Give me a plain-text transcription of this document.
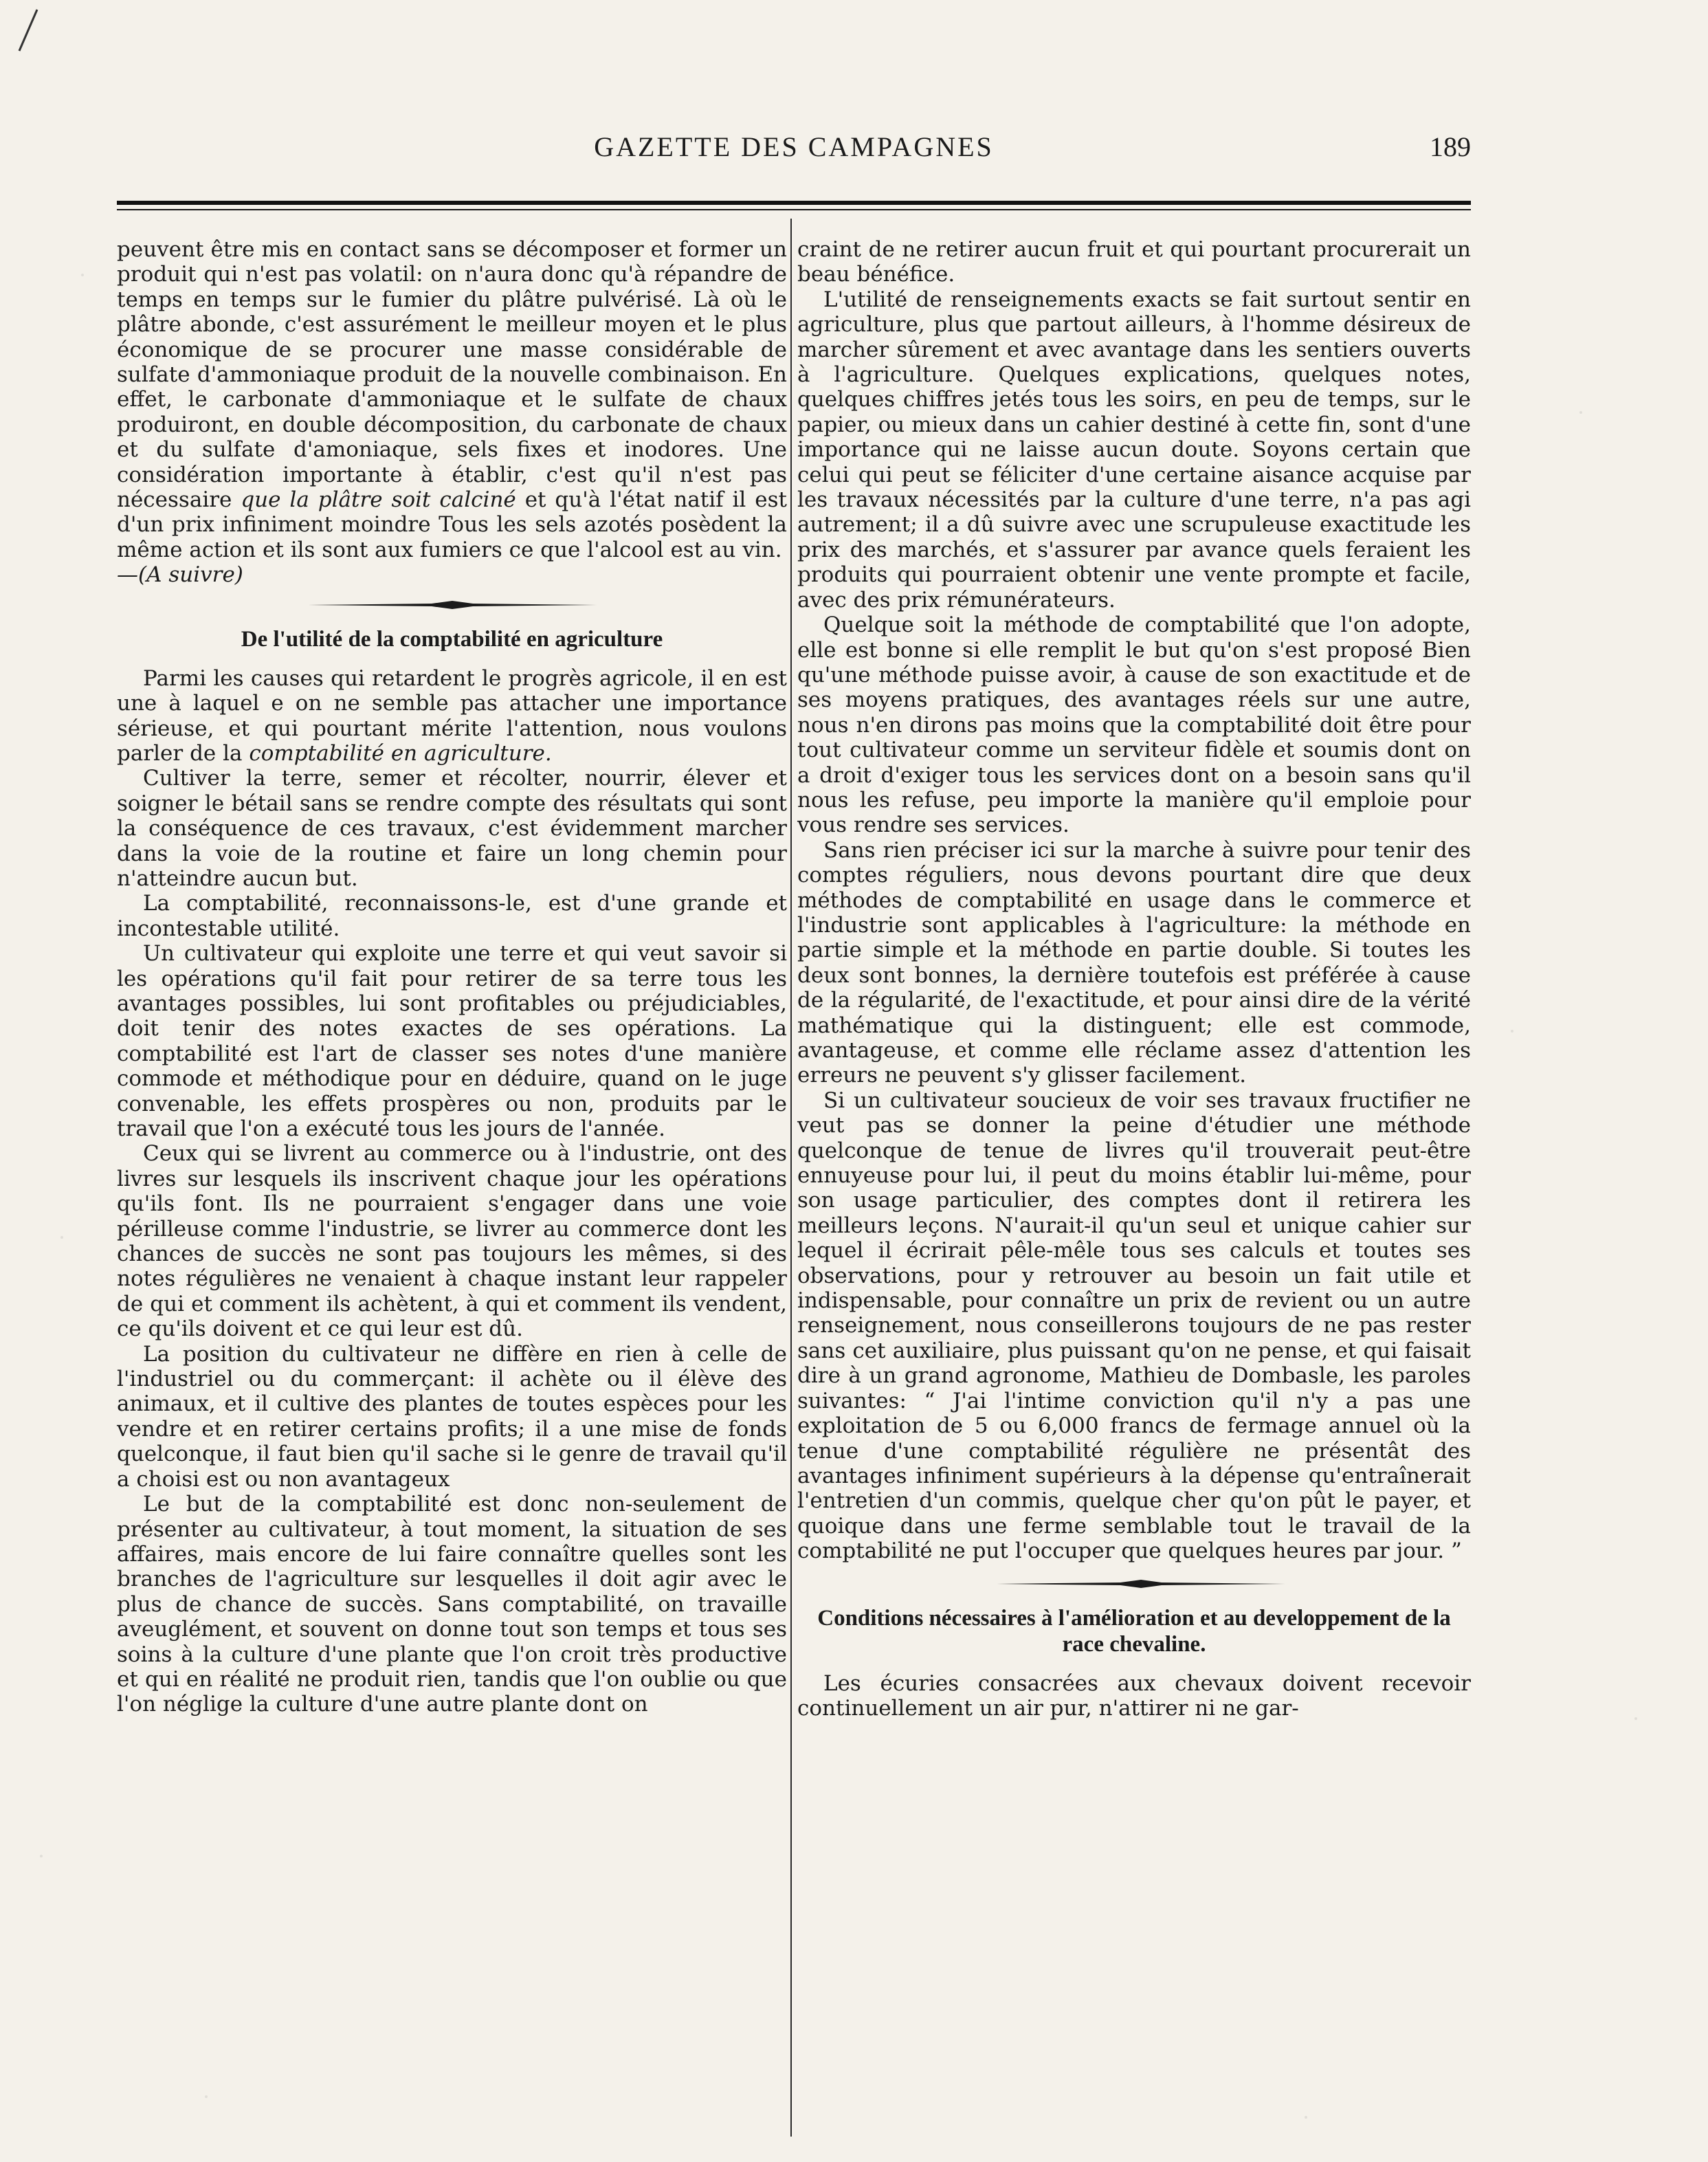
GAZETTE DES CAMPAGNES	189

peuvent être mis en contact sans se décomposer et former un produit qui n'est pas volatil: on n'aura donc qu'à répandre de temps en temps sur le fumier du plâtre pulvérisé. Là où le plâtre abonde, c'est assurément le meilleur moyen et le plus économique de se procurer une masse considérable de sulfate d'ammoniaque produit de la nouvelle combinaison. En effet, le carbonate d'ammoniaque et le sulfate de chaux produiront, en double décomposition, du carbonate de chaux et du sulfate d'amoniaque, sels fixes et inodores. Une considération importante à établir, c'est qu'il n'est pas nécessaire que la plâtre soit calciné et qu'à l'état natif il est d'un prix infiniment moindre Tous les sels azotés posèdent la même action et ils sont aux fumiers ce que l'alcool est au vin.

—(A suivre)

De l'utilité de la comptabilité en agriculture

Parmi les causes qui retardent le progrès agricole, il en est une à laquel e on ne semble pas attacher une importance sérieuse, et qui pourtant mérite l'attention, nous voulons parler de la comptabilité en agriculture.

Cultiver la terre, semer et récolter, nourrir, élever et soigner le bétail sans se rendre compte des résultats qui sont la conséquence de ces travaux, c'est évidemment marcher dans la voie de la routine et faire un long chemin pour n'atteindre aucun but.

La comptabilité, reconnaissons-le, est d'une grande et incontestable utilité.

Un cultivateur qui exploite une terre et qui veut savoir si les opérations qu'il fait pour retirer de sa terre tous les avantages possibles, lui sont profitables ou préjudiciables, doit tenir des notes exactes de ses opérations. La comptabilité est l'art de classer ses notes d'une manière commode et méthodique pour en déduire, quand on le juge convenable, les effets prospères ou non, produits par le travail que l'on a exécuté tous les jours de l'année.

Ceux qui se livrent au commerce ou à l'industrie, ont des livres sur lesquels ils inscrivent chaque jour les opérations qu'ils font. Ils ne pourraient s'engager dans une voie périlleuse comme l'industrie, se livrer au commerce dont les chances de succès ne sont pas toujours les mêmes, si des notes régulières ne venaient à chaque instant leur rappeler de qui et comment ils achètent, à qui et comment ils vendent, ce qu'ils doivent et ce qui leur est dû.

La position du cultivateur ne diffère en rien à celle de l'industriel ou du commerçant: il achète ou il élève des animaux, et il cultive des plantes de toutes espèces pour les vendre et en retirer certains profits; il a une mise de fonds quelconque, il faut bien qu'il sache si le genre de travail qu'il a choisi est ou non avantageux

Le but de la comptabilité est donc non-seulement de présenter au cultivateur, à tout moment, la situation de ses affaires, mais encore de lui faire connaître quelles sont les branches de l'agriculture sur lesquelles il doit agir avec le plus de chance de succès. Sans comptabilité, on travaille aveuglément, et souvent on donne tout son temps et tous ses soins à la culture d'une plante que l'on croit très productive et qui en réalité ne produit rien, tandis que l'on oublie ou que l'on néglige la culture d'une autre plante dont on

craint de ne retirer aucun fruit et qui pourtant procurerait un beau bénéfice.

L'utilité de renseignements exacts se fait surtout sentir en agriculture, plus que partout ailleurs, à l'homme désireux de marcher sûrement et avec avantage dans les sentiers ouverts à l'agriculture. Quelques explications, quelques notes, quelques chiffres jetés tous les soirs, en peu de temps, sur le papier, ou mieux dans un cahier destiné à cette fin, sont d'une importance qui ne laisse aucun doute. Soyons certain que celui qui peut se féliciter d'une certaine aisance acquise par les travaux nécessités par la culture d'une terre, n'a pas agi autrement; il a dû suivre avec une scrupuleuse exactitude les prix des marchés, et s'assurer par avance quels feraient les produits qui pourraient obtenir une vente prompte et facile, avec des prix rémunérateurs.

Quelque soit la méthode de comptabilité que l'on adopte, elle est bonne si elle remplit le but qu'on s'est proposé Bien qu'une méthode puisse avoir, à cause de son exactitude et de ses moyens pratiques, des avantages réels sur une autre, nous n'en dirons pas moins que la comptabilité doit être pour tout cultivateur comme un serviteur fidèle et soumis dont on a droit d'exiger tous les services dont on a besoin sans qu'il nous les refuse, peu importe la manière qu'il emploie pour vous rendre ses services.

Sans rien préciser ici sur la marche à suivre pour tenir des comptes réguliers, nous devons pourtant dire que deux méthodes de comptabilité en usage dans le commerce et l'industrie sont applicables à l'agriculture: la méthode en partie simple et la méthode en partie double. Si toutes les deux sont bonnes, la dernière toutefois est préférée à cause de la régularité, de l'exactitude, et pour ainsi dire de la vérité mathématique qui la distinguent; elle est commode, avantageuse, et comme elle réclame assez d'attention les erreurs ne peuvent s'y glisser facilement.

Si un cultivateur soucieux de voir ses travaux fructifier ne veut pas se donner la peine d'étudier une méthode quelconque de tenue de livres qu'il trouverait peut-être ennuyeuse pour lui, il peut du moins établir lui-même, pour son usage particulier, des comptes dont il retirera les meilleurs leçons. N'aurait-il qu'un seul et unique cahier sur lequel il écrirait pêle-mêle tous ses calculs et toutes ses observations, pour y retrouver au besoin un fait utile et indispensable, pour connaître un prix de revient ou un autre renseignement, nous conseillerons toujours de ne pas rester sans cet auxiliaire, plus puissant qu'on ne pense, et qui faisait dire à un grand agronome, Mathieu de Dombasle, les paroles suivantes: “ J'ai l'intime conviction qu'il n'y a pas une exploitation de 5 ou 6,000 francs de fermage annuel où la tenue d'une comptabilité régulière ne présentât des avantages infiniment supérieurs à la dépense qu'entraînerait l'entretien d'un commis, quelque cher qu'on pût le payer, et quoique dans une ferme semblable tout le travail de la comptabilité ne put l'occuper que quelques heures par jour. ”

Conditions nécessaires à l'amélioration et au developpement de la race chevaline.

Les écuries consacrées aux chevaux doivent recevoir continuellement un air pur, n'attirer ni ne gar-
